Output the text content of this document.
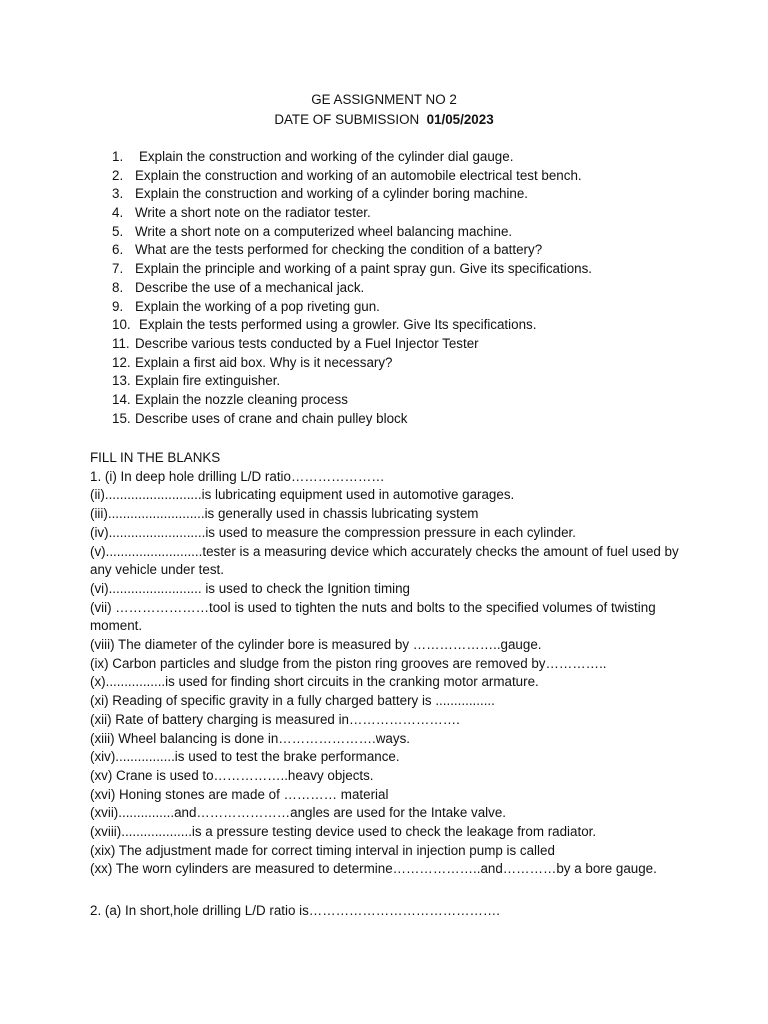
GE ASSIGNMENT NO 2
DATE OF SUBMISSION 01/05/2023
1.	Explain the construction and working of the cylinder dial gauge.
2. Explain the construction and working of an automobile electrical test bench.
3. Explain the construction and working of a cylinder boring machine.
4. Write a short note on the radiator tester.
5. Write a short note on a computerized wheel balancing machine.
6. What are the tests performed for checking the condition of a battery?
7. Explain the principle and working of a paint spray gun. Give its specifications.
8. Describe the use of a mechanical jack.
9. Explain the working of a pop riveting gun.
10. Explain the tests performed using a growler. Give Its specifications.
11. Describe various tests conducted by a Fuel Injector Tester
12. Explain a first aid box. Why is it necessary?
13. Explain fire extinguisher.
14. Explain the nozzle cleaning process
15. Describe uses of crane and chain pulley block
FILL IN THE BLANKS
1. (i) In deep hole drilling L/D ratio…………………
(ii)..........................is lubricating equipment used in automotive garages.
(iii)..........................is generally used in chassis lubricating system
(iv)..........................is used to measure the compression pressure in each cylinder.
(v)..........................tester is a measuring device which accurately checks the amount of fuel used by any vehicle under test.
(vi)......................... is used to check the Ignition timing
(vii) …………………tool is used to tighten the nuts and bolts to the specified volumes of twisting moment.
(viii) The diameter of the cylinder bore is measured by ………………..gauge.
(ix) Carbon particles and sludge from the piston ring grooves are removed by…………..
(x)................is used for finding short circuits in the cranking motor armature.
(xi) Reading of specific gravity in a fully charged battery is ................
(xii) Rate of battery charging is measured in…………………….
(xiii) Wheel balancing is done in………………….ways.
(xiv)................is used to test the brake performance.
(xv) Crane is used to……………..heavy objects.
(xvi) Honing stones are made of ………… material
(xvii)...............and…………………angles are used for the Intake valve.
(xviii)...................is a pressure testing device used to check the leakage from radiator.
(xix) The adjustment made for correct timing interval in injection pump is called
(xx) The worn cylinders are measured to determine………………..and…………by a bore gauge.
2. (a) In short,hole drilling L/D ratio is…………………………………….
